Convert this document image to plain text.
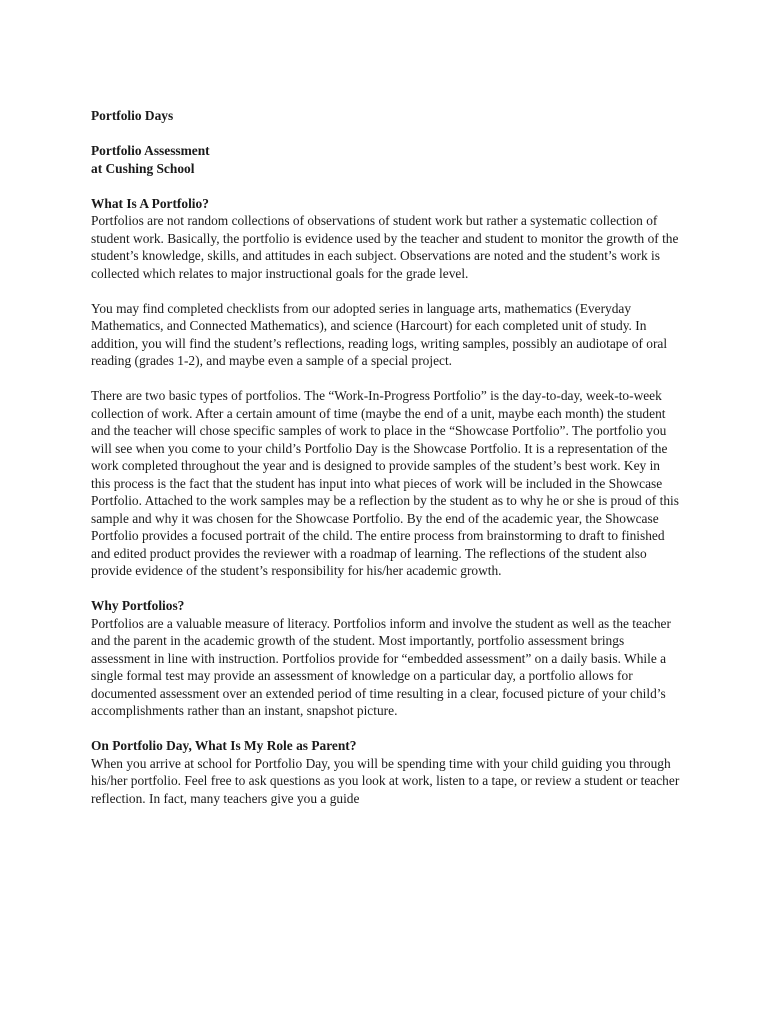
Portfolio Days

Portfolio Assessment

at Cushing School

What Is A Portfolio?

Portfolios are not random collections of observations of student work but rather a systematic collection of student work. Basically, the portfolio is evidence used by the teacher and student to monitor the growth of the student’s knowledge, skills, and attitudes in each subject. Observations are noted and the student’s work is collected which relates to major instructional goals for the grade level.

You may find completed checklists from our adopted series in language arts, mathematics (Everyday Mathematics, and Connected Mathematics), and science (Harcourt) for each completed unit of study. In addition, you will find the student’s reflections, reading logs, writing samples, possibly an audiotape of oral reading (grades 1-2), and maybe even a sample of a special project.

There are two basic types of portfolios. The “Work-In-Progress Portfolio” is the day-to-day, week-to-week collection of work. After a certain amount of time (maybe the end of a unit, maybe each month) the student and the teacher will chose specific samples of work to place in the “Showcase Portfolio”. The portfolio you will see when you come to your child’s Portfolio Day is the Showcase Portfolio. It is a representation of the work completed throughout the year and is designed to provide samples of the student’s best work. Key in this process is the fact that the student has input into what pieces of work will be included in the Showcase Portfolio. Attached to the work samples may be a reflection by the student as to why he or she is proud of this sample and why it was chosen for the Showcase Portfolio. By the end of the academic year, the Showcase Portfolio provides a focused portrait of the child. The entire process from brainstorming to draft to finished and edited product provides the reviewer with a roadmap of learning. The reflections of the student also provide evidence of the student’s responsibility for his/her academic growth.

Why Portfolios?

Portfolios are a valuable measure of literacy. Portfolios inform and involve the student as well as the teacher and the parent in the academic growth of the student. Most importantly, portfolio assessment brings assessment in line with instruction. Portfolios provide for “embedded assessment” on a daily basis. While a single formal test may provide an assessment of knowledge on a particular day, a portfolio allows for documented assessment over an extended period of time resulting in a clear, focused picture of your child’s accomplishments rather than an instant, snapshot picture.

On Portfolio Day, What Is My Role as Parent?

When you arrive at school for Portfolio Day, you will be spending time with your child guiding you through his/her portfolio. Feel free to ask questions as you look at work, listen to a tape, or review a student or teacher reflection. In fact, many teachers give you a guide
